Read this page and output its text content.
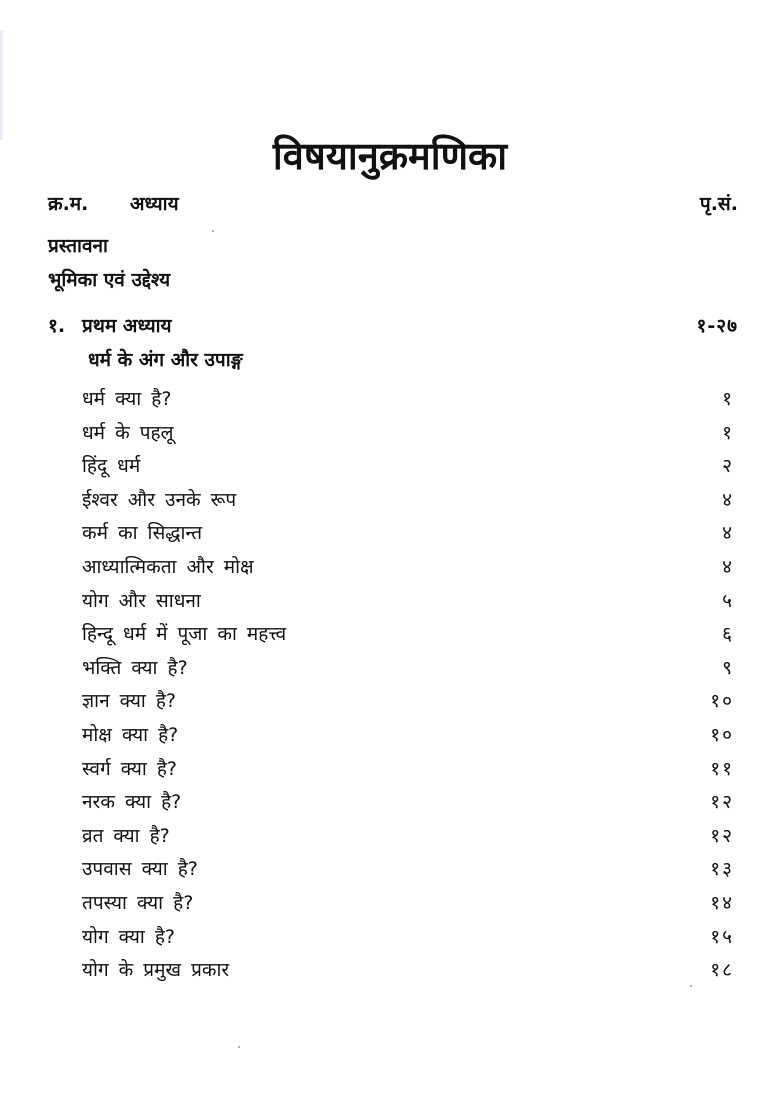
विषयानुक्रमणिका
क्र.म. अध्याय	पृ.सं.
प्रस्तावना
भूमिका एवं उद्देश्य
१. प्रथम अध्याय	१-२७
धर्म के अंग और उपाङ्ग
धर्म क्या है?	१
धर्म के पहलू	१
हिंदू धर्म	२
ईश्वर और उनके रूप	४
कर्म का सिद्धान्त	४
आध्यात्मिकता और मोक्ष	४
योग और साधना	५
हिन्दू धर्म में पूजा का महत्त्व	६
भक्ति क्या है?	९
ज्ञान क्या है?	१०
मोक्ष क्या है?	१०
स्वर्ग क्या है?	११
नरक क्या है?	१२
व्रत क्या है?	१२
उपवास क्या है?	१३
तपस्या क्या है?	१४
योग क्या है?	१५
योग के प्रमुख प्रकार	१८
